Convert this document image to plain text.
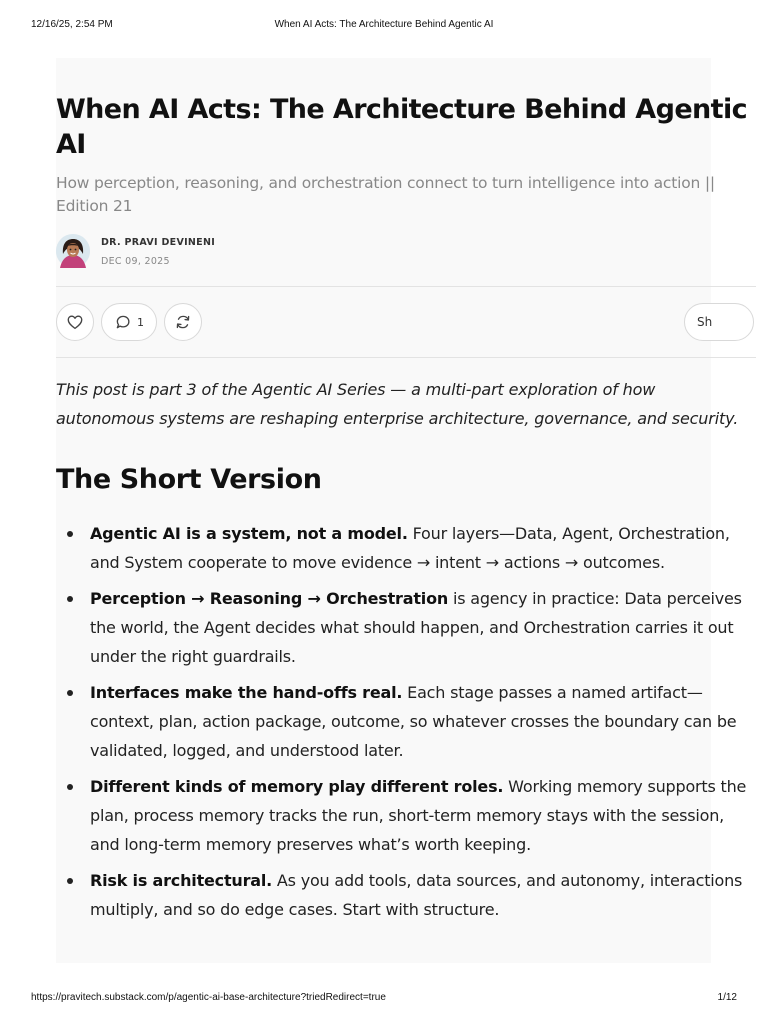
12/16/25, 2:54 PM	When AI Acts: The Architecture Behind Agentic AI
When AI Acts: The Architecture Behind Agentic AI

How perception, reasoning, and orchestration connect to turn intelligence into action || Edition 21

DR. PRAVI DEVINENI
DEC 09, 2025
1	Sh

This post is part 3 of the Agentic AI Series — a multi-part exploration of how autonomous systems are reshaping enterprise architecture, governance, and security.

The Short Version
Agentic AI is a system, not a model. Four layers—Data, Agent, Orchestration, and System cooperate to move evidence → intent → actions → outcomes.
Perception → Reasoning → Orchestration is agency in practice: Data perceives the world, the Agent decides what should happen, and Orchestration carries it out under the right guardrails.
Interfaces make the hand-offs real. Each stage passes a named artifact—context, plan, action package, outcome, so whatever crosses the boundary can be validated, logged, and understood later.
Different kinds of memory play different roles. Working memory supports the plan, process memory tracks the run, short-term memory stays with the session, and long-term memory preserves what’s worth keeping.
Risk is architectural. As you add tools, data sources, and autonomy, interactions multiply, and so do edge cases. Start with structure.
https://pravitech.substack.com/p/agentic-ai-base-architecture?triedRedirect=true	1/12
